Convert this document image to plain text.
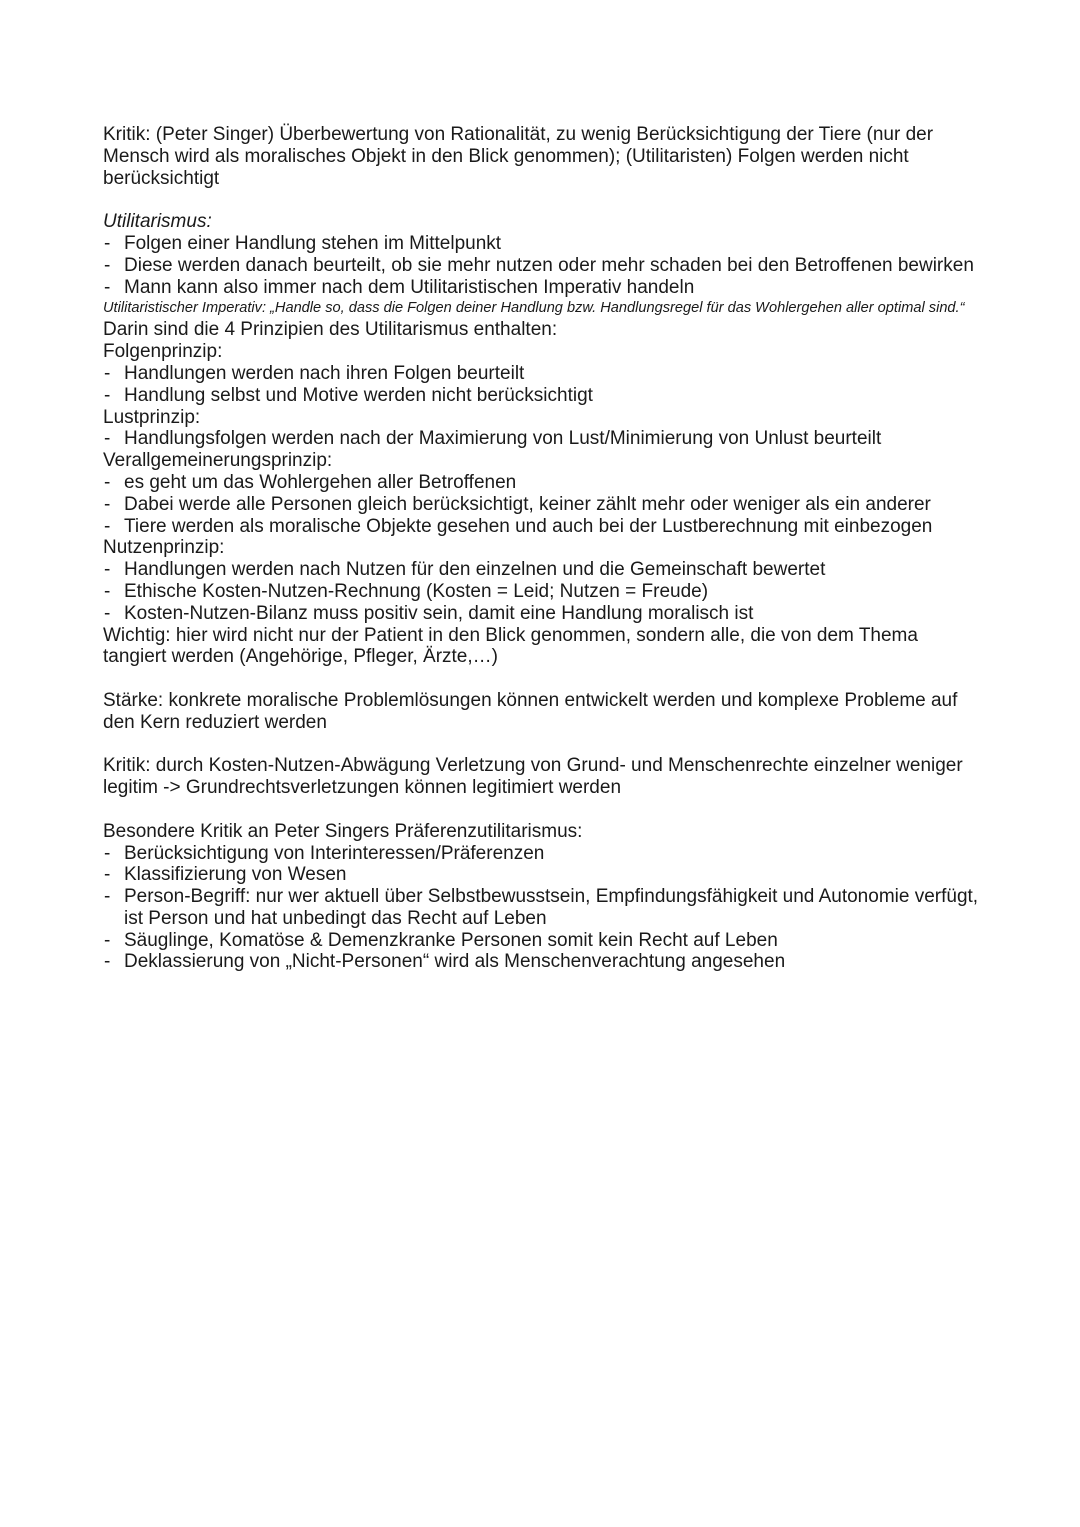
Kritik: (Peter Singer) Überbewertung von Rationalität, zu wenig Berücksichtigung der Tiere (nur der Mensch wird als moralisches Objekt in den Blick genommen); (Utilitaristen) Folgen werden nicht berücksichtigt

Utilitarismus:

- Folgen einer Handlung stehen im Mittelpunkt
- Diese werden danach beurteilt, ob sie mehr nutzen oder mehr schaden bei den Betroffenen bewirken
- Mann kann also immer nach dem Utilitaristischen Imperativ handeln

Utilitaristischer Imperativ: „Handle so, dass die Folgen deiner Handlung bzw. Handlungsregel für das Wohlergehen aller optimal sind.“

Darin sind die 4 Prinzipien des Utilitarismus enthalten:

Folgenprinzip:

- Handlungen werden nach ihren Folgen beurteilt
- Handlung selbst und Motive werden nicht berücksichtigt

Lustprinzip:

- Handlungsfolgen werden nach der Maximierung von Lust/Minimierung von Unlust beurteilt

Verallgemeinerungsprinzip:

- es geht um das Wohlergehen aller Betroffenen
- Dabei werde alle Personen gleich berücksichtigt, keiner zählt mehr oder weniger als ein anderer
- Tiere werden als moralische Objekte gesehen und auch bei der Lustberechnung mit einbezogen

Nutzenprinzip:

- Handlungen werden nach Nutzen für den einzelnen und die Gemeinschaft bewertet
- Ethische Kosten-Nutzen-Rechnung (Kosten = Leid; Nutzen = Freude)
- Kosten-Nutzen-Bilanz muss positiv sein, damit eine Handlung moralisch ist

Wichtig: hier wird nicht nur der Patient in den Blick genommen, sondern alle, die von dem Thema tangiert werden (Angehörige, Pfleger, Ärzte,…)

Stärke: konkrete moralische Problemlösungen können entwickelt werden und komplexe Probleme auf den Kern reduziert werden

Kritik: durch Kosten-Nutzen-Abwägung Verletzung von Grund- und Menschenrechte einzelner weniger legitim -> Grundrechtsverletzungen können legitimiert werden

Besondere Kritik an Peter Singers Präferenzutilitarismus:

- Berücksichtigung von Interinteressen/Präferenzen
- Klassifizierung von Wesen
- Person-Begriff: nur wer aktuell über Selbstbewusstsein, Empfindungsfähigkeit und Autonomie verfügt, ist Person und hat unbedingt das Recht auf Leben
- Säuglinge, Komatöse & Demenzkranke Personen somit kein Recht auf Leben
- Deklassierung von „Nicht-Personen“ wird als Menschenverachtung angesehen
